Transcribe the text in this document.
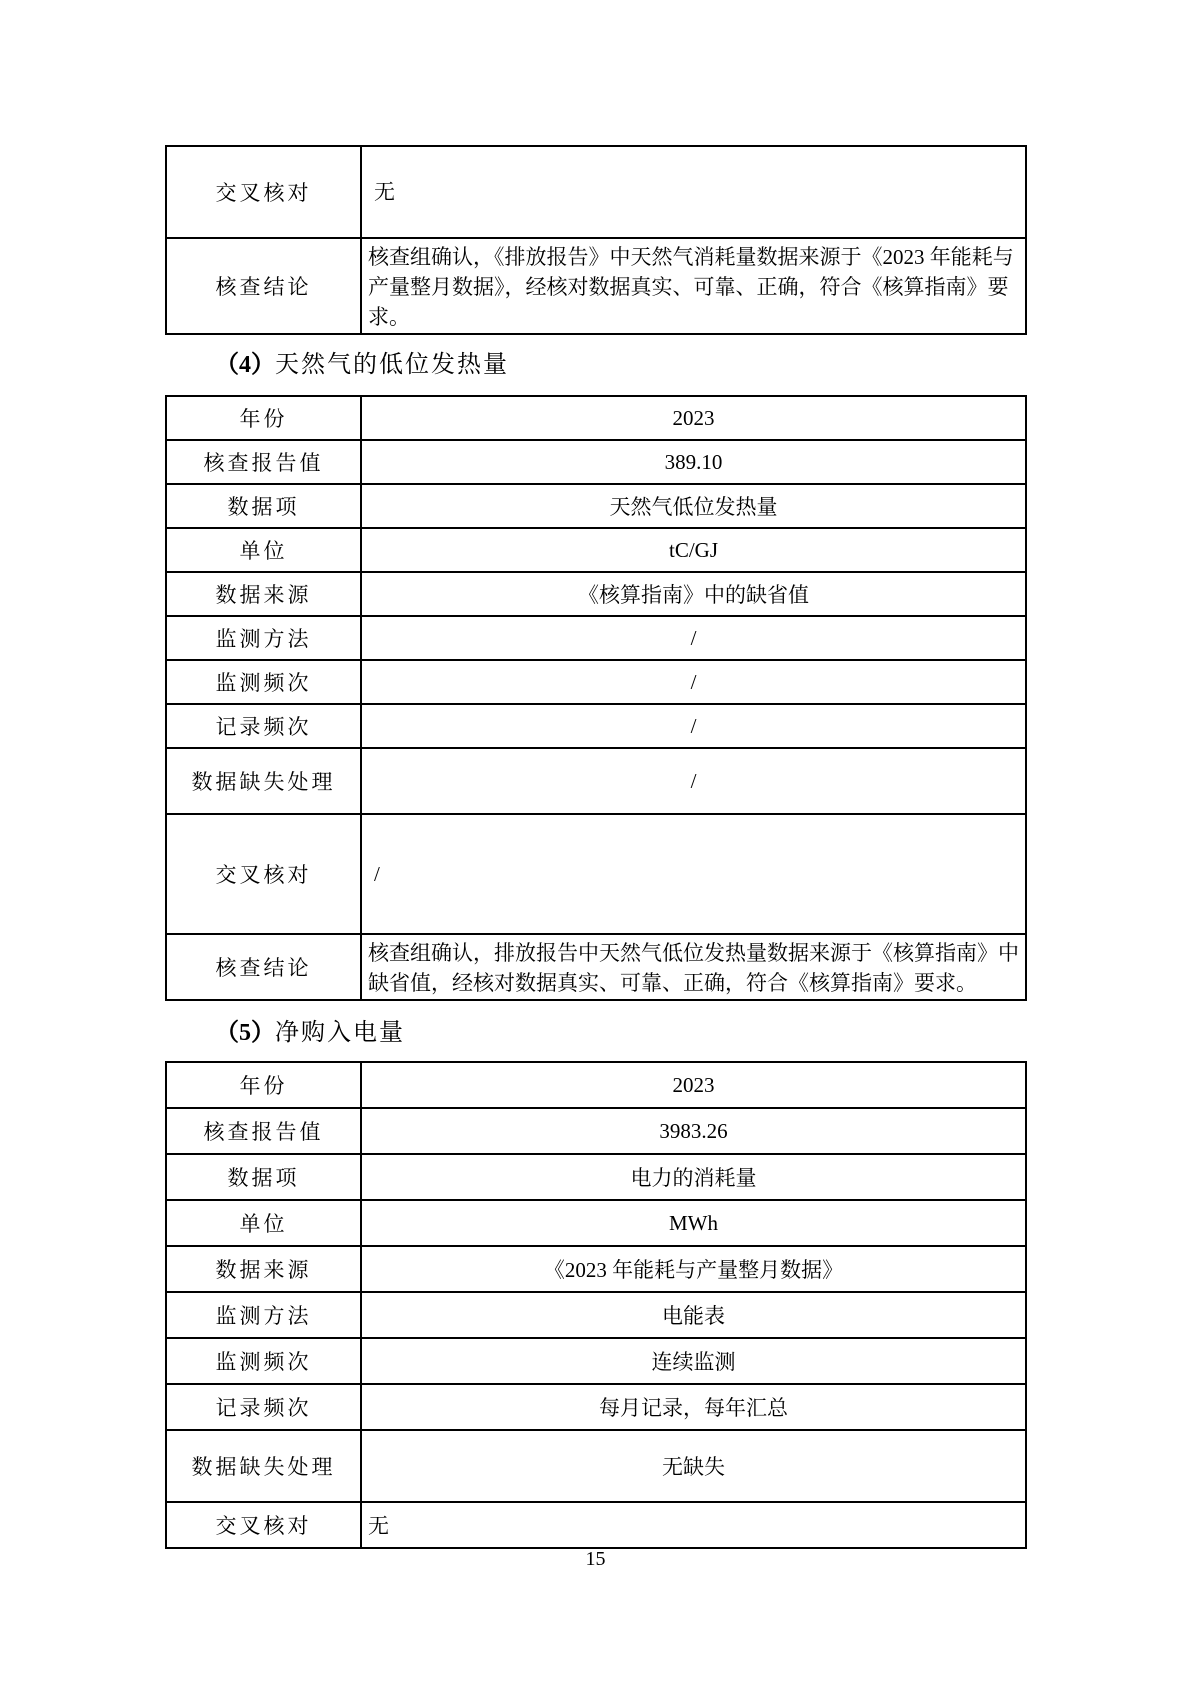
交叉核对	无
核查结论	核查组确认，《排放报告》中天然气消耗量数据来源于《2023 年能耗与产量整月数据》，经核对数据真实、可靠、正确，符合《核算指南》要求。
（4）天然气的低位发热量
年份	2023
核查报告值	389.10
数据项	天然气低位发热量
单位	tC/GJ
数据来源	《核算指南》中的缺省值
监测方法	/
监测频次	/
记录频次	/
数据缺失处理	/
交叉核对	/
核查结论	核查组确认，排放报告中天然气低位发热量数据来源于《核算指南》中缺省值，经核对数据真实、可靠、正确，符合《核算指南》要求。
（5）净购入电量
年份	2023
核查报告值	3983.26
数据项	电力的消耗量
单位	MWh
数据来源	《2023 年能耗与产量整月数据》
监测方法	电能表
监测频次	连续监测
记录频次	每月记录，每年汇总
数据缺失处理	无缺失
交叉核对	无
15
